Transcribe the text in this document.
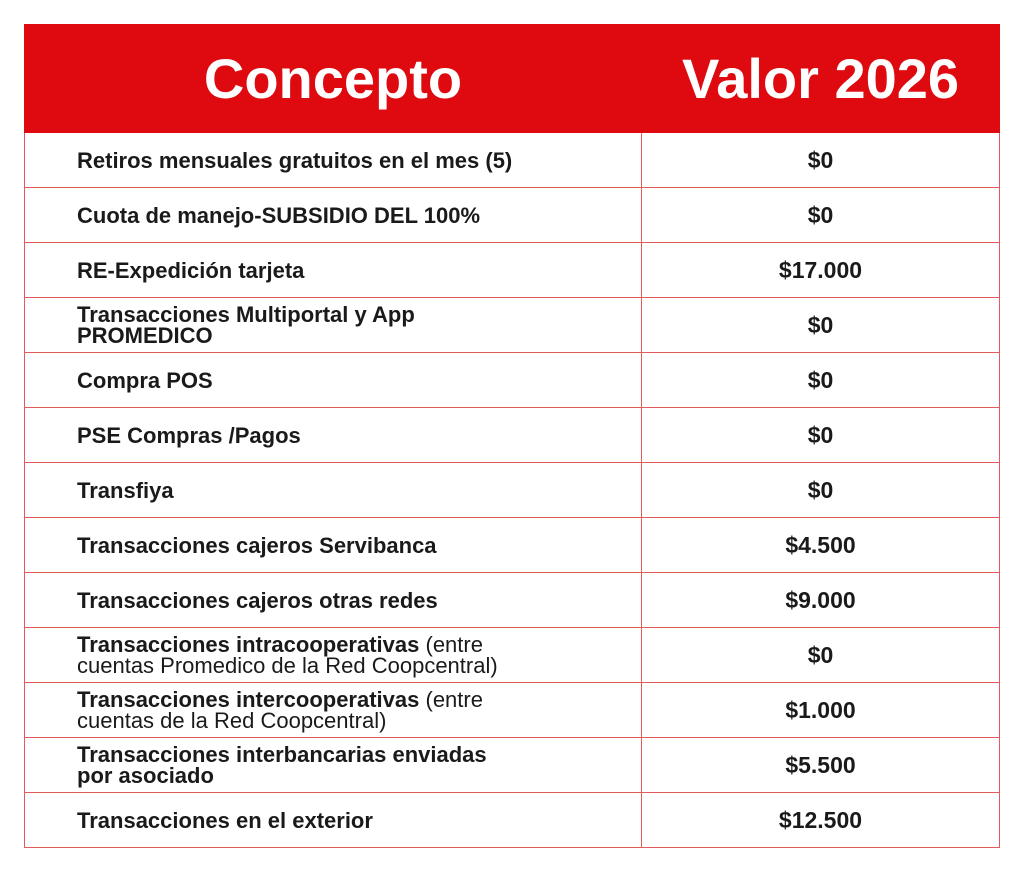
Concepto	Valor 2026
Retiros mensuales gratuitos en el mes (5)	$0
Cuota de manejo-SUBSIDIO DEL 100%	$0
RE-Expedición tarjeta	$17.000
Transacciones Multiportal y App
PROMEDICO	$0
Compra POS	$0
PSE Compras /Pagos	$0
Transfiya	$0
Transacciones cajeros Servibanca	$4.500
Transacciones cajeros otras redes	$9.000
Transacciones intracooperativas (entre
cuentas Promedico de la Red Coopcentral)	$0
Transacciones intercooperativas (entre
cuentas de la Red Coopcentral)	$1.000
Transacciones interbancarias enviadas
por asociado	$5.500
Transacciones en el exterior	$12.500
